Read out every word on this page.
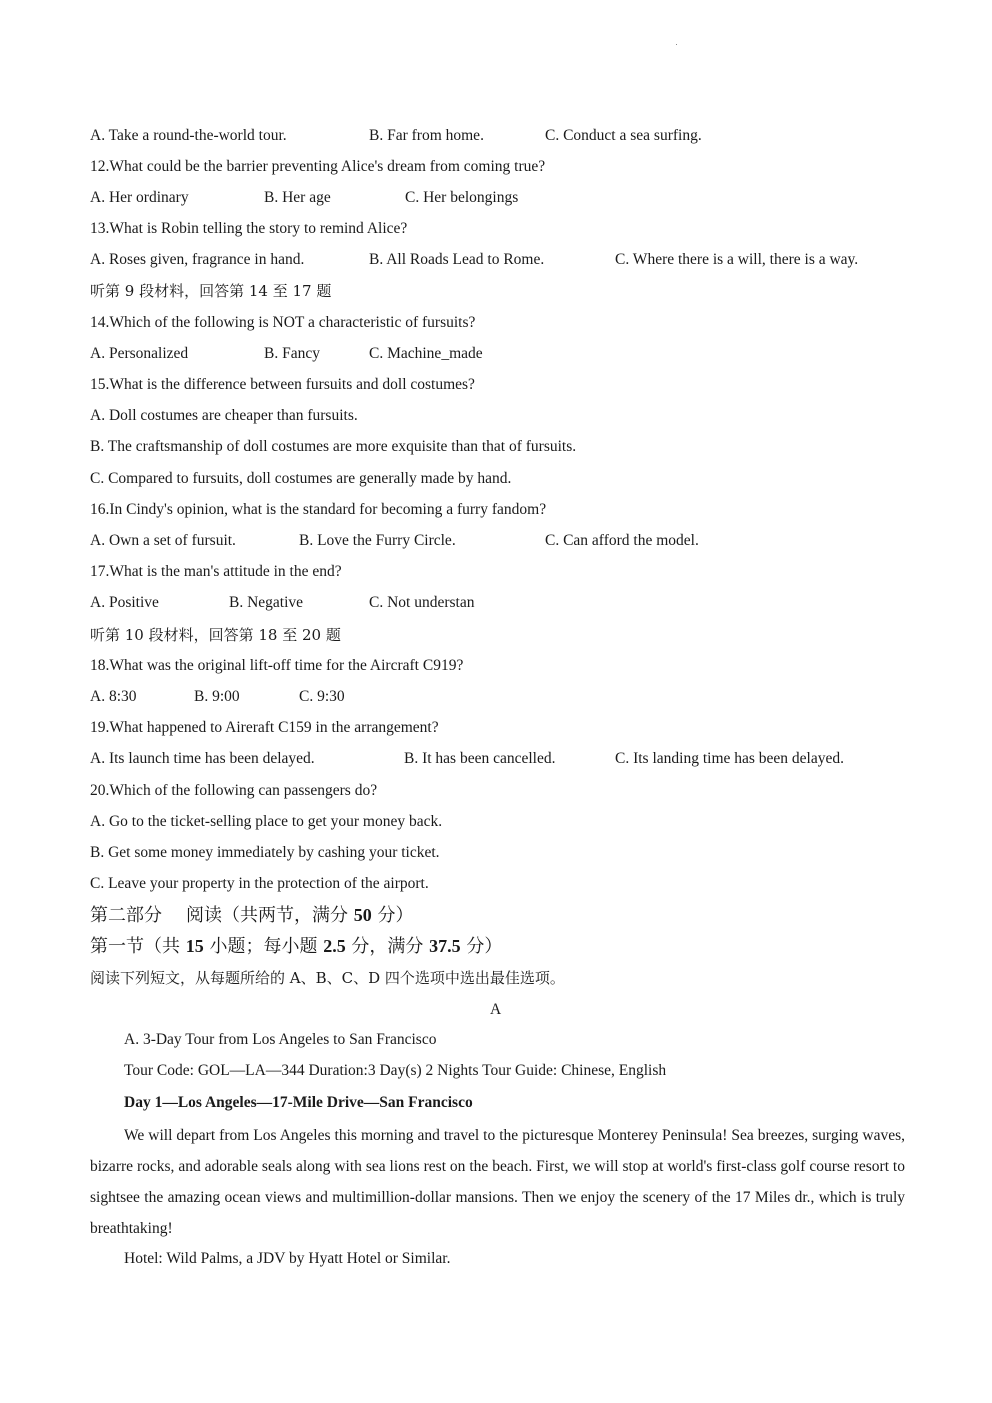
A. Take a round-the-world tour.	B. Far from home.	C. Conduct a sea surfing.
12.What could be the barrier preventing Alice's dream from coming true?
A. Her ordinary	B. Her age	C. Her belongings
13.What is Robin telling the story to remind Alice?
A. Roses given, fragrance in hand.	B. All Roads Lead to Rome.	C. Where there is a will, there is a way.
听第 9 段材料，回答第 14 至 17 题
14.Which of the following is NOT a characteristic of fursuits?
A. Personalized	B. Fancy	C. Machine_made
15.What is the difference between fursuits and doll costumes?
A. Doll costumes are cheaper than fursuits.
B. The craftsmanship of doll costumes are more exquisite than that of fursuits.
C. Compared to fursuits, doll costumes are generally made by hand.
16.In Cindy's opinion, what is the standard for becoming a furry fandom?
A. Own a set of fursuit.	B. Love the Furry Circle.	C. Can afford the model.
17.What is the man's attitude in the end?
A. Positive	B. Negative	C. Not understan
听第 10 段材料，回答第 18 至 20 题
18.What was the original lift-off time for the Aircraft C919?
A. 8:30	B. 9:00	C. 9:30
19.What happened to Aireraft C159 in the arrangement?
A. Its launch time has been delayed.	B. It has been cancelled.	C. Its landing time has been delayed.
20.Which of the following can passengers do?
A. Go to the ticket-selling place to get your money back.
B. Get some money immediately by cashing your ticket.
C. Leave your property in the protection of the airport.
第二部分 阅读（共两节，满分 50 分）
第一节（共 15 小题；每小题 2.5 分，满分 37.5 分）
阅读下列短文，从每题所给的 A、B、C、D 四个选项中选出最佳选项。
A
A. 3-Day Tour from Los Angeles to San Francisco
Tour Code: GOL—LA—344 Duration:3 Day(s) 2 Nights Tour Guide: Chinese, English
Day 1—Los Angeles—17-Mile Drive—San Francisco
We will depart from Los Angeles this morning and travel to the picturesque Monterey Peninsula! Sea breezes, surging waves, bizarre rocks, and adorable seals along with sea lions rest on the beach. First, we will stop at world's first-class golf course resort to sightsee the amazing ocean views and multimillion-dollar mansions. Then we enjoy the scenery of the 17 Miles dr., which is truly breathtaking!
Hotel: Wild Palms, a JDV by Hyatt Hotel or Similar.
